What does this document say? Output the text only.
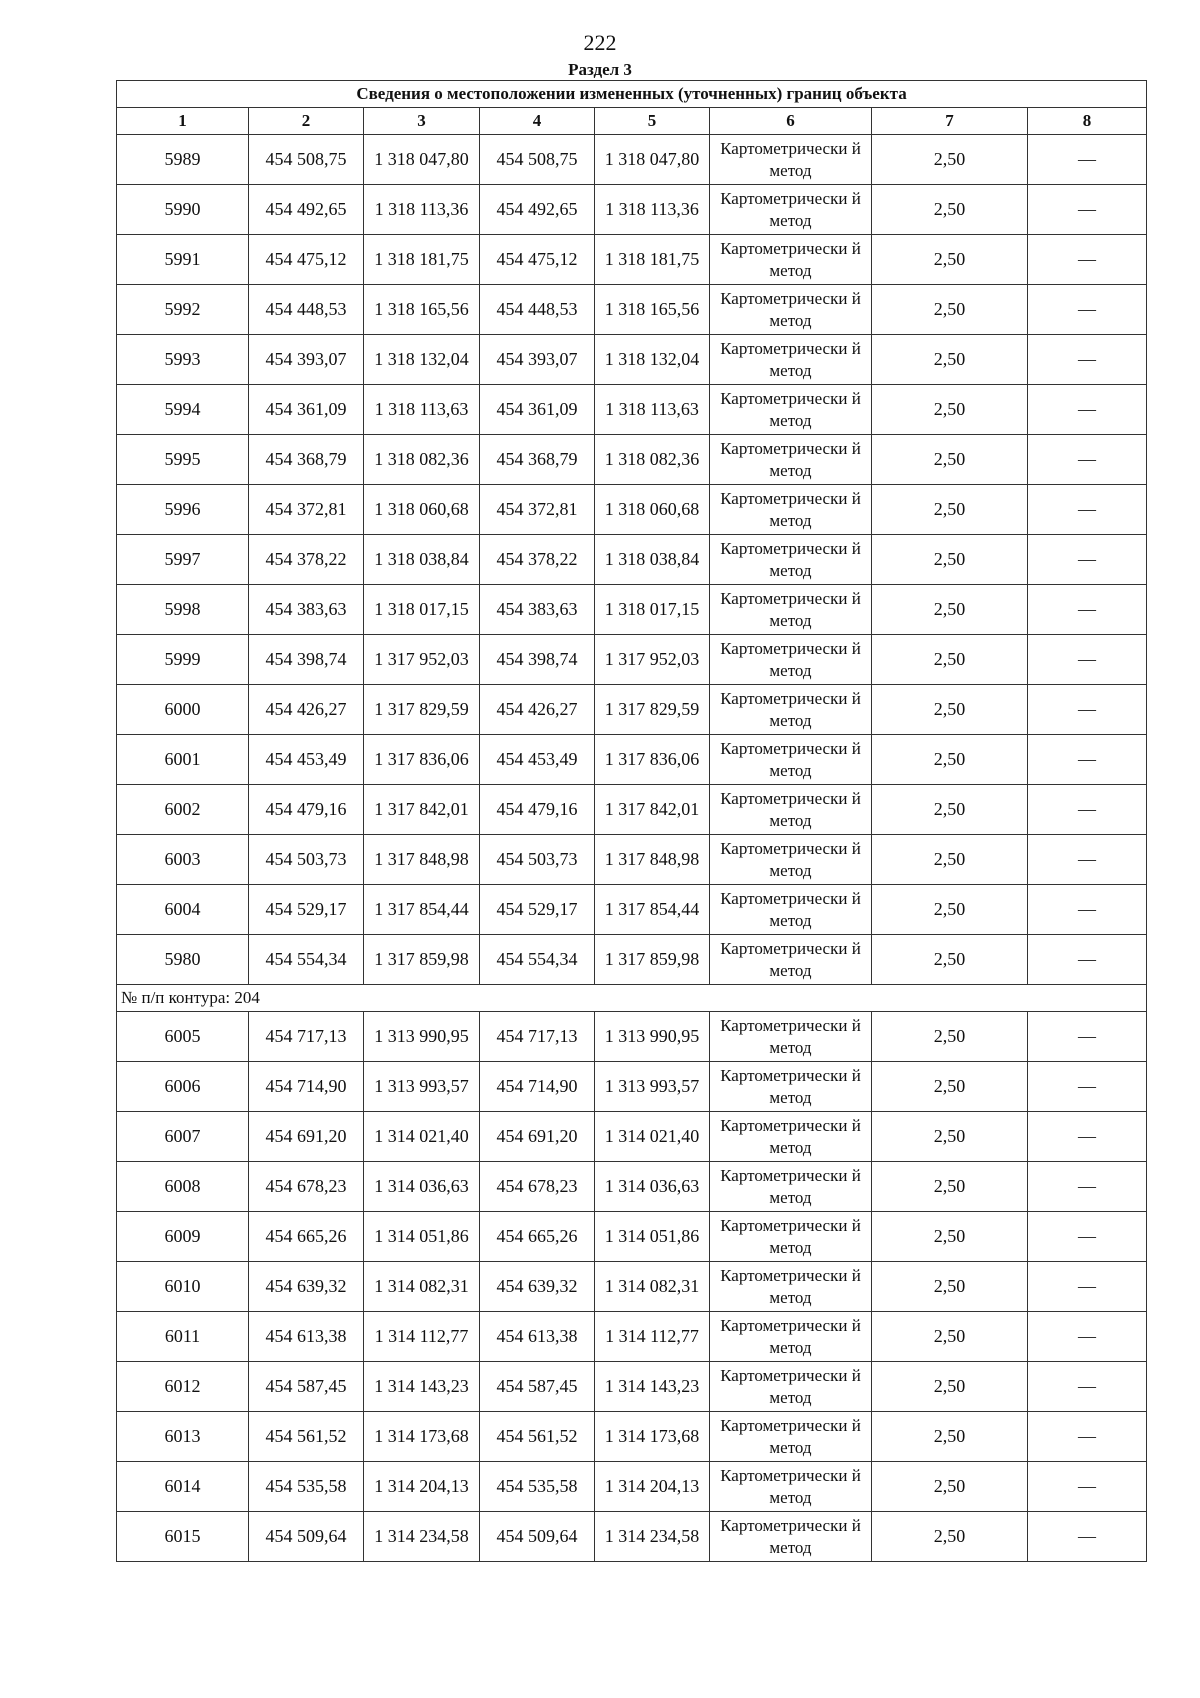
222
Раздел 3
Сведения о местоположении измененных (уточненных) границ объекта							
1	2	3	4	5	6	7	8
5989	454 508,75	1 318 047,80	454 508,75	1 318 047,80	Картометрически й метод	2,50	—
5990	454 492,65	1 318 113,36	454 492,65	1 318 113,36	Картометрически й метод	2,50	—
5991	454 475,12	1 318 181,75	454 475,12	1 318 181,75	Картометрически й метод	2,50	—
5992	454 448,53	1 318 165,56	454 448,53	1 318 165,56	Картометрически й метод	2,50	—
5993	454 393,07	1 318 132,04	454 393,07	1 318 132,04	Картометрически й метод	2,50	—
5994	454 361,09	1 318 113,63	454 361,09	1 318 113,63	Картометрически й метод	2,50	—
5995	454 368,79	1 318 082,36	454 368,79	1 318 082,36	Картометрически й метод	2,50	—
5996	454 372,81	1 318 060,68	454 372,81	1 318 060,68	Картометрически й метод	2,50	—
5997	454 378,22	1 318 038,84	454 378,22	1 318 038,84	Картометрически й метод	2,50	—
5998	454 383,63	1 318 017,15	454 383,63	1 318 017,15	Картометрически й метод	2,50	—
5999	454 398,74	1 317 952,03	454 398,74	1 317 952,03	Картометрически й метод	2,50	—
6000	454 426,27	1 317 829,59	454 426,27	1 317 829,59	Картометрически й метод	2,50	—
6001	454 453,49	1 317 836,06	454 453,49	1 317 836,06	Картометрически й метод	2,50	—
6002	454 479,16	1 317 842,01	454 479,16	1 317 842,01	Картометрически й метод	2,50	—
6003	454 503,73	1 317 848,98	454 503,73	1 317 848,98	Картометрически й метод	2,50	—
6004	454 529,17	1 317 854,44	454 529,17	1 317 854,44	Картометрически й метод	2,50	—
5980	454 554,34	1 317 859,98	454 554,34	1 317 859,98	Картометрически й метод	2,50	—
№ п/п контура: 204							
6005	454 717,13	1 313 990,95	454 717,13	1 313 990,95	Картометрически й метод	2,50	—
6006	454 714,90	1 313 993,57	454 714,90	1 313 993,57	Картометрически й метод	2,50	—
6007	454 691,20	1 314 021,40	454 691,20	1 314 021,40	Картометрически й метод	2,50	—
6008	454 678,23	1 314 036,63	454 678,23	1 314 036,63	Картометрически й метод	2,50	—
6009	454 665,26	1 314 051,86	454 665,26	1 314 051,86	Картометрически й метод	2,50	—
6010	454 639,32	1 314 082,31	454 639,32	1 314 082,31	Картометрически й метод	2,50	—
6011	454 613,38	1 314 112,77	454 613,38	1 314 112,77	Картометрически й метод	2,50	—
6012	454 587,45	1 314 143,23	454 587,45	1 314 143,23	Картометрически й метод	2,50	—
6013	454 561,52	1 314 173,68	454 561,52	1 314 173,68	Картометрически й метод	2,50	—
6014	454 535,58	1 314 204,13	454 535,58	1 314 204,13	Картометрически й метод	2,50	—
6015	454 509,64	1 314 234,58	454 509,64	1 314 234,58	Картометрически й метод	2,50	—
